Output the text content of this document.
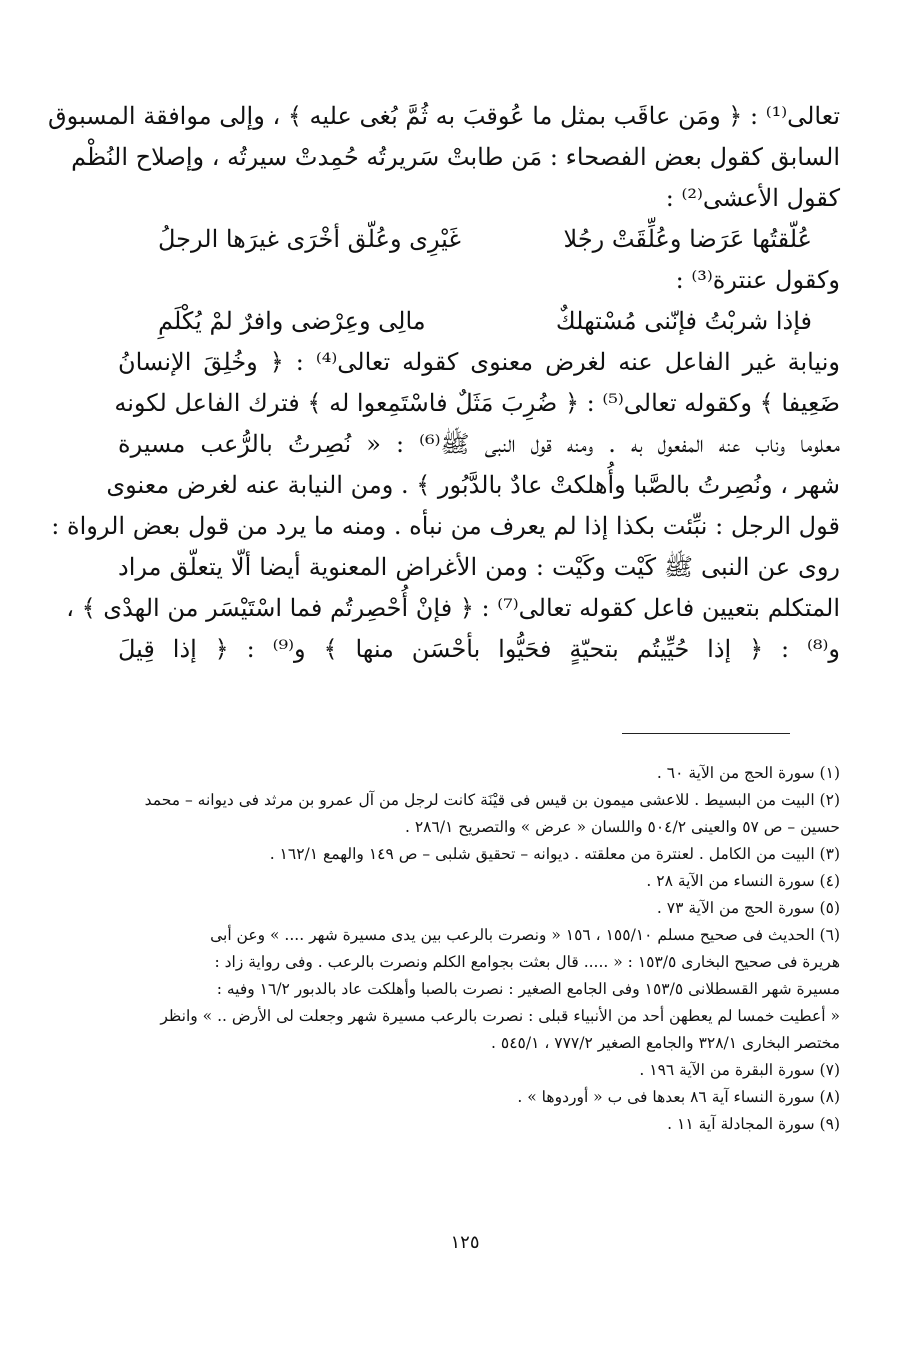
تعالى⁽¹⁾ : ﴿ ومَن عاقَب بمثل ما عُوقبَ به ثُمَّ بُغى عليه ﴾ ، وإلى موافقة المسبوق
السابق كقول بعض الفصحاء : مَن طابتْ سَريرتُه حُمِدتْ سيرتُه ، وإصلاح النُظْم
كقول الأعشى⁽²⁾ :
عُلّقتُها عَرَضا وعُلِّقَتْ رجُلا
غَيْرِى وعُلّق أخْرَى غيرَها الرجلُ
وكقول عنترة⁽³⁾ :
فإذا شربْتُ فإنّنى مُسْتهلكٌ
مالِى وعِرْضى وافرٌ لمْ يُكْلَمِ
ونيابة غير الفاعل عنه لغرض معنوى كقوله تعالى⁽⁴⁾ : ﴿ وخُلِقَ الإنسانُ
ضَعِيفا ﴾ وكقوله تعالى⁽⁵⁾ : ﴿ ضُرِبَ مَثَلٌ فاسْتَمِعوا له ﴾ فترك الفاعل لكونه
معلوما وناب عنه المفعول به . ومنه قول النبى ﷺ⁽⁶⁾ : « نُصِرتُ بالرُّعب مسيرة
شهر ، ونُصِرتُ بالصَّبا وأُهلكتْ عادٌ بالدَّبُور ﴾ . ومن النيابة عنه لغرض معنوى
قول الرجل : نبِّئت بكذا إذا لم يعرف من نبأه . ومنه ما يرد من قول بعض الرواة :
روى عن النبى ﷺ كَيْت وكَيْت : ومن الأغراض المعنوية أيضا ألّا يتعلّق مراد
المتكلم بتعيين فاعل كقوله تعالى⁽⁷⁾ : ﴿ فإنْ أُحْصِرتُم فما اسْتَيْسَر من الهدْى ﴾ ،
و⁽⁸⁾ : ﴿ إذا حُيِّيتُم بتحيّةٍ فحَيُّوا بأحْسَن منها ﴾ و⁽⁹⁾ : ﴿ إذا قِيلَ
(١) سورة الحج من الآية ٦٠ .
(٢) البيت من البسيط . للاعشى ميمون بن قيس فى قيْنَة كانت لرجل من آل عمرو بن مرثد فى ديوانه – محمد
حسين – ص ٥٧ والعينى ٥٠٤/٢ واللسان « عرض » والتصريح ٢٨٦/١ .
(٣) البيت من الكامل . لعنترة من معلقته . ديوانه – تحقيق شلبى – ص ١٤٩ والهمع ١٦٢/١ .
(٤) سورة النساء من الآية ٢٨ .
(٥) سورة الحج من الآية ٧٣ .
(٦) الحديث فى صحيح مسلم ١٥٥/١٠ ، ١٥٦ « ونصرت بالرعب بين يدى مسيرة شهر .... » وعن أبى
هريرة فى صحيح البخارى ١٥٣/٥ : « ..... قال بعثت بجوامع الكلم ونصرت بالرعب . وفى رواية زاد :
مسيرة شهر القسطلانى ١٥٣/٥ وفى الجامع الصغير : نصرت بالصبا وأهلكت عاد بالدبور ١٦/٢ وفيه :
« أعطيت خمسا لم يعطهن أحد من الأنبياء قبلى : نصرت بالرعب مسيرة شهر وجعلت لى الأرض .. » وانظر
مختصر البخارى ٣٢٨/١ والجامع الصغير ٧٧٧/٢ ، ٥٤٥/١ .
(٧) سورة البقرة من الآية ١٩٦ .
(٨) سورة النساء آية ٨٦ بعدها فى ب « أوردوها » .
(٩) سورة المجادلة آية ١١ .
١٢٥
